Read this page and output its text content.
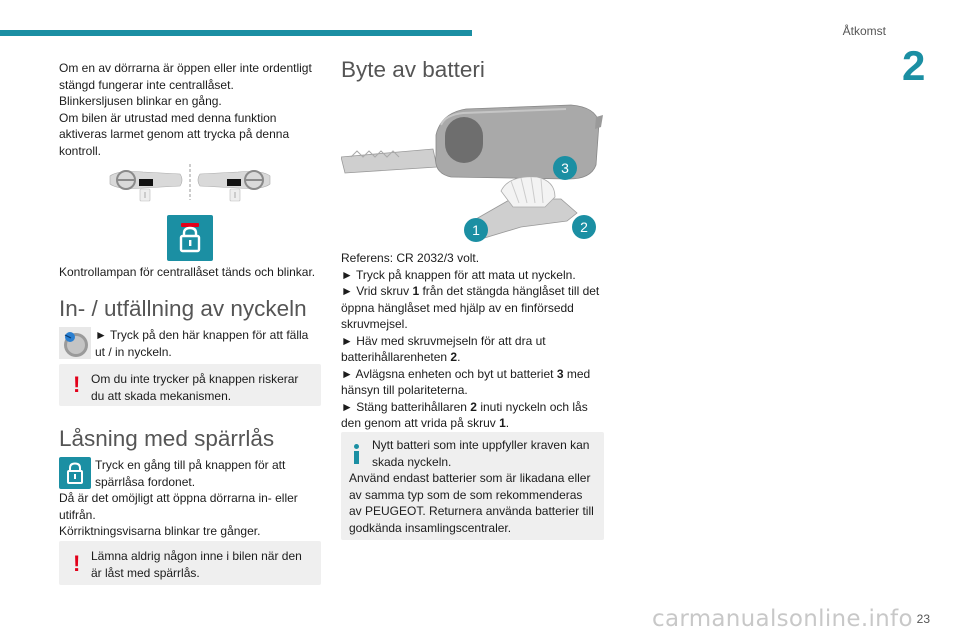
Åtkomst
2

Om en av dörrarna är öppen eller inte ordentligt stängd fungerar inte centrallåset.

Blinkersljusen blinkar en gång.

Om bilen är utrustad med denna funktion aktiveras larmet genom att trycka på denna kontroll.

Kontrollampan för centrallåset tänds och blinkar.
In- / utfällning av nyckeln
► Tryck på den här knappen för att fälla ut / in nyckeln.
! Om du inte trycker på knappen riskerar du att skada mekanismen.
Låsning med spärrlås
Tryck en gång till på knappen för att spärrlåsa fordonet.
Då är det omöjligt att öppna dörrarna in- eller utifrån.
Körriktningsvisarna blinkar tre gånger.
! Lämna aldrig någon inne i bilen när den är låst med spärrlås.
Byte av batteri
1	2
3
Referens: CR 2032/3 volt.
► Tryck på knappen för att mata ut nyckeln.
► Vrid skruv 1 från det stängda hänglåset till det öppna hänglåset med hjälp av en finförsedd skruvmejsel.
► Häv med skruvmejseln för att dra ut batterihållarenheten 2.
► Avlägsna enheten och byt ut batteriet 3 med hänsyn till polariteterna.
► Stäng batterihållaren 2 inuti nyckeln och lås den genom att vrida på skruv 1.
Nytt batteri som inte uppfyller kraven kan skada nyckeln.
Använd endast batterier som är likadana eller av samma typ som de som rekommenderas av PEUGEOT. Returnera använda batterier till godkända insamlingscentraler.
23
carmanualsonline.info
